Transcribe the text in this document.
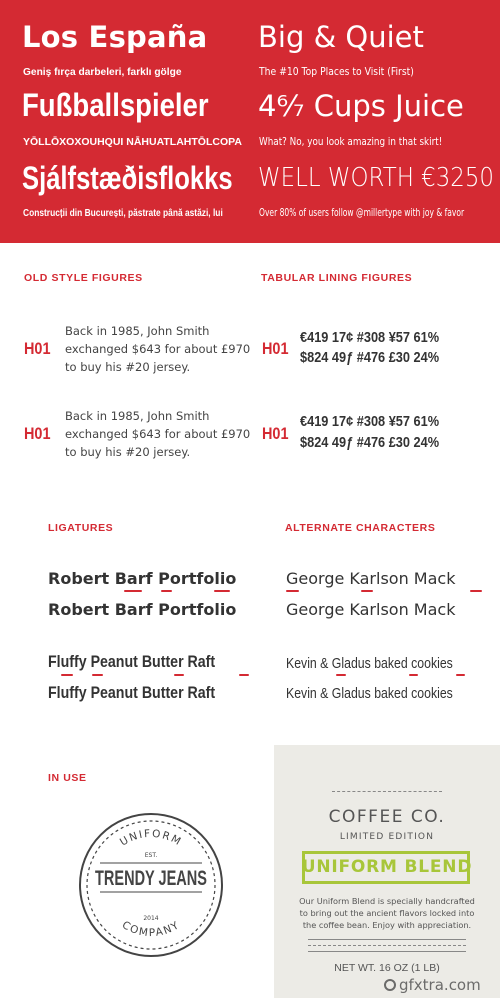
Los España
Geniş fırça darbeleri, farklı gölge
Fußballspieler
YŌLLŌXOXOUHQUI NĀHUATLAHTŌLCOPA
Sjálfstæðisflokks
Construcții din București, păstrate până astăzi, lui
Big & Quiet
The #10 Top Places to Visit (First)
4⁶⁄₇ Cups Juice
What? No, you look amazing in that skirt!
WELL WORTH €3250
Over 80% of users follow @millertype with joy & favor
OLD STYLE FIGURES	TABULAR LINING FIGURES
H01
Back in 1985, John Smith exchanged $643 for about £970 to buy his #20 jersey.
H01
Back in 1985, John Smith exchanged $643 for about £970 to buy his #20 jersey.
H01
€419 17¢ #308 ¥57 61%
$824 49ƒ #476 £30 24%
H01
€419 17¢ #308 ¥57 61%
$824 49ƒ #476 £30 24%
LIGATURES	ALTERNATE CHARACTERS
Robert Barf Portfolio
Robert Barf Portfolio
Fluffy Peanut Butter Raft
Fluffy Peanut Butter Raft
George Karlson Mack
George Karlson Mack
Kevin & Gladus baked cookies
Kevin & Gladus baked cookies
IN USE
UNIFORM
COMPANY
EST.
TRENDY JEANS
2014
COFFEE CO.
LIMITED EDITION
UNIFORM BLEND
Our Uniform Blend is specially handcrafted
to bring out the ancient flavors locked into
the coffee bean. Enjoy with appreciation.
NET WT. 16 OZ (1 LB)
gfxtra.com
